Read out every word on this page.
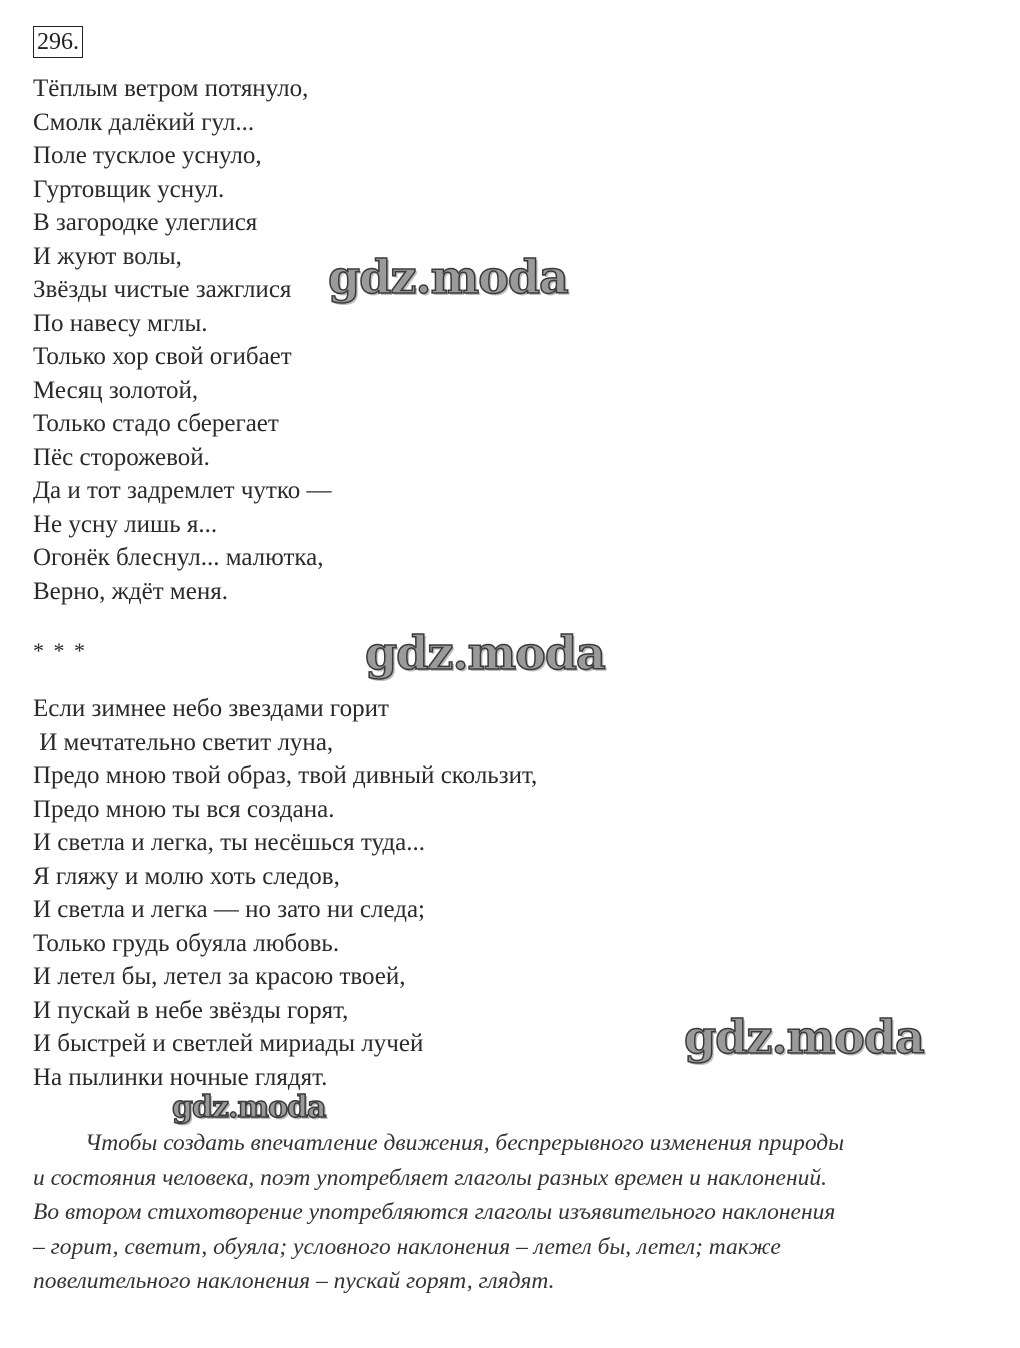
296.
Тёплым ветром потянуло,
Смолк далёкий гул...
Поле тусклое уснуло,
Гуртовщик уснул.
В загородке улеглися
И жуют волы,
Звёзды чистые зажглися
По навесу мглы.
Только хор свой огибает
Месяц золотой,
Только стадо сберегает
Пёс сторожевой.
Да и тот задремлет чутко —
Не усну лишь я...
Огонёк блеснул... малютка,
Верно, ждёт меня.
* * *
Если зимнее небо звездами горит
И мечтательно светит луна,
Предо мною твой образ, твой дивный скользит,
Предо мною ты вся создана.
И светла и легка, ты несёшься туда...
Я гляжу и молю хоть следов,
И светла и легка — но зато ни следа;
Только грудь обуяла любовь.
И летел бы, летел за красою твоей,
И пускай в небе звёзды горят,
И быстрей и светлей мириады лучей
На пылинки ночные глядят.
Чтобы создать впечатление движения, беспрерывного изменения природы
и состояния человека, поэт употребляет глаголы разных времен и наклонений.
Во втором стихотворение употребляются глаголы изъявительного наклонения
– горит, светит, обуяла; условного наклонения – летел бы, летел; также
повелительного наклонения – пускай горят, глядят.
gdz.moda
gdz.moda
gdz.moda
gdz.moda
